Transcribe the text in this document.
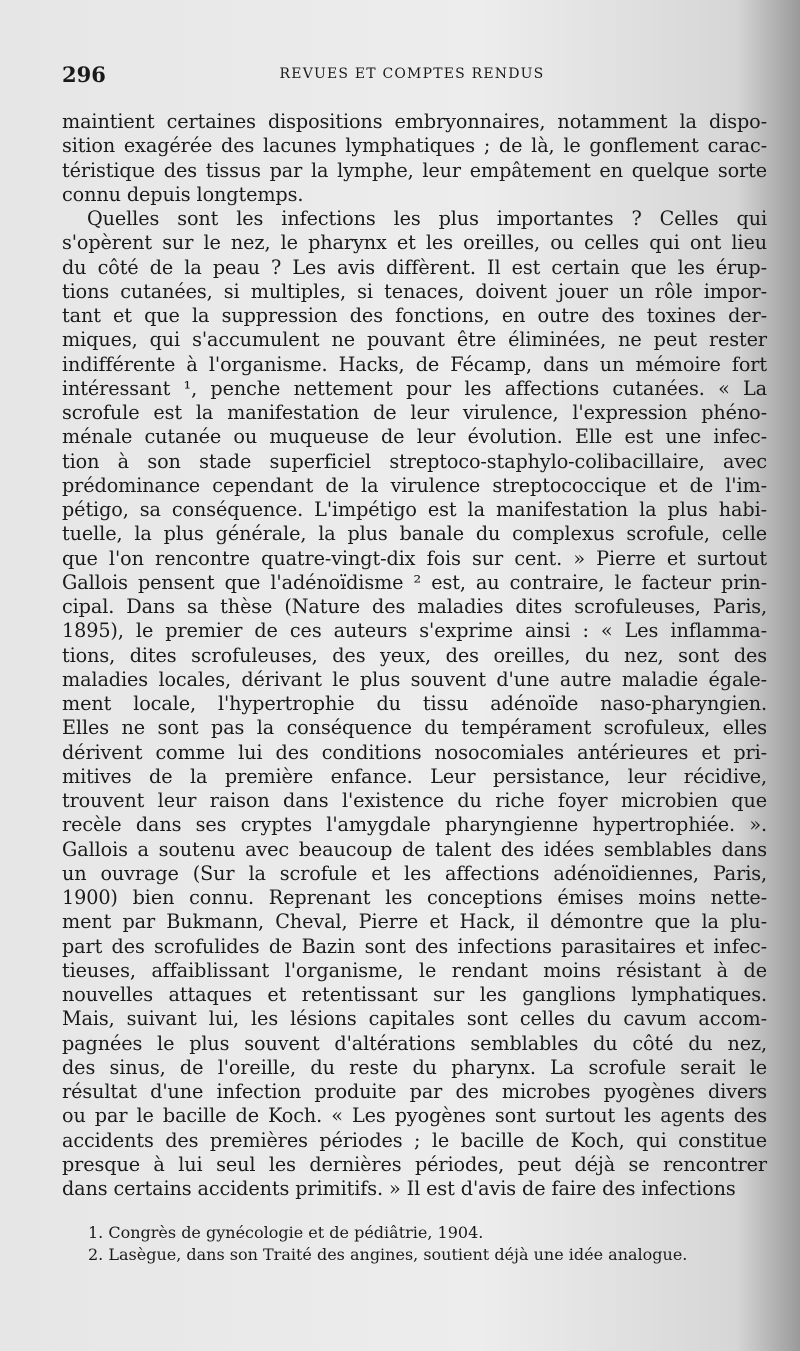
296	REVUES ET COMPTES RENDUS
maintient certaines dispositions embryonnaires, notamment la dispo-
sition exagérée des lacunes lymphatiques ; de là, le gonflement carac-
téristique des tissus par la lymphe, leur empâtement en quelque sorte
connu depuis longtemps.
Quelles sont les infections les plus importantes ? Celles qui
s'opèrent sur le nez, le pharynx et les oreilles, ou celles qui ont lieu
du côté de la peau ? Les avis diffèrent. Il est certain que les érup-
tions cutanées, si multiples, si tenaces, doivent jouer un rôle impor-
tant et que la suppression des fonctions, en outre des toxines der-
miques, qui s'accumulent ne pouvant être éliminées, ne peut rester
indifférente à l'organisme. Hacks, de Fécamp, dans un mémoire fort
intéressant ¹, penche nettement pour les affections cutanées. « La
scrofule est la manifestation de leur virulence, l'expression phéno-
ménale cutanée ou muqueuse de leur évolution. Elle est une infec-
tion à son stade superficiel streptoco-staphylo-colibacillaire, avec
prédominance cependant de la virulence streptococcique et de l'im-
pétigo, sa conséquence. L'impétigo est la manifestation la plus habi-
tuelle, la plus générale, la plus banale du complexus scrofule, celle
que l'on rencontre quatre-vingt-dix fois sur cent. » Pierre et surtout
Gallois pensent que l'adénoïdisme ² est, au contraire, le facteur prin-
cipal. Dans sa thèse (Nature des maladies dites scrofuleuses, Paris,
1895), le premier de ces auteurs s'exprime ainsi : « Les inflamma-
tions, dites scrofuleuses, des yeux, des oreilles, du nez, sont des
maladies locales, dérivant le plus souvent d'une autre maladie égale-
ment locale, l'hypertrophie du tissu adénoïde naso-pharyngien.
Elles ne sont pas la conséquence du tempérament scrofuleux, elles
dérivent comme lui des conditions nosocomiales antérieures et pri-
mitives de la première enfance. Leur persistance, leur récidive,
trouvent leur raison dans l'existence du riche foyer microbien que
recèle dans ses cryptes l'amygdale pharyngienne hypertrophiée. ».
Gallois a soutenu avec beaucoup de talent des idées semblables dans
un ouvrage (Sur la scrofule et les affections adénoïdiennes, Paris,
1900) bien connu. Reprenant les conceptions émises moins nette-
ment par Bukmann, Cheval, Pierre et Hack, il démontre que la plu-
part des scrofulides de Bazin sont des infections parasitaires et infec-
tieuses, affaiblissant l'organisme, le rendant moins résistant à de
nouvelles attaques et retentissant sur les ganglions lymphatiques.
Mais, suivant lui, les lésions capitales sont celles du cavum accom-
pagnées le plus souvent d'altérations semblables du côté du nez,
des sinus, de l'oreille, du reste du pharynx. La scrofule serait le
résultat d'une infection produite par des microbes pyogènes divers
ou par le bacille de Koch. « Les pyogènes sont surtout les agents des
accidents des premières périodes ; le bacille de Koch, qui constitue
presque à lui seul les dernières périodes, peut déjà se rencontrer
dans certains accidents primitifs. » Il est d'avis de faire des infections
1. Congrès de gynécologie et de pédiâtrie, 1904.
2. Lasègue, dans son Traité des angines, soutient déjà une idée analogue.
